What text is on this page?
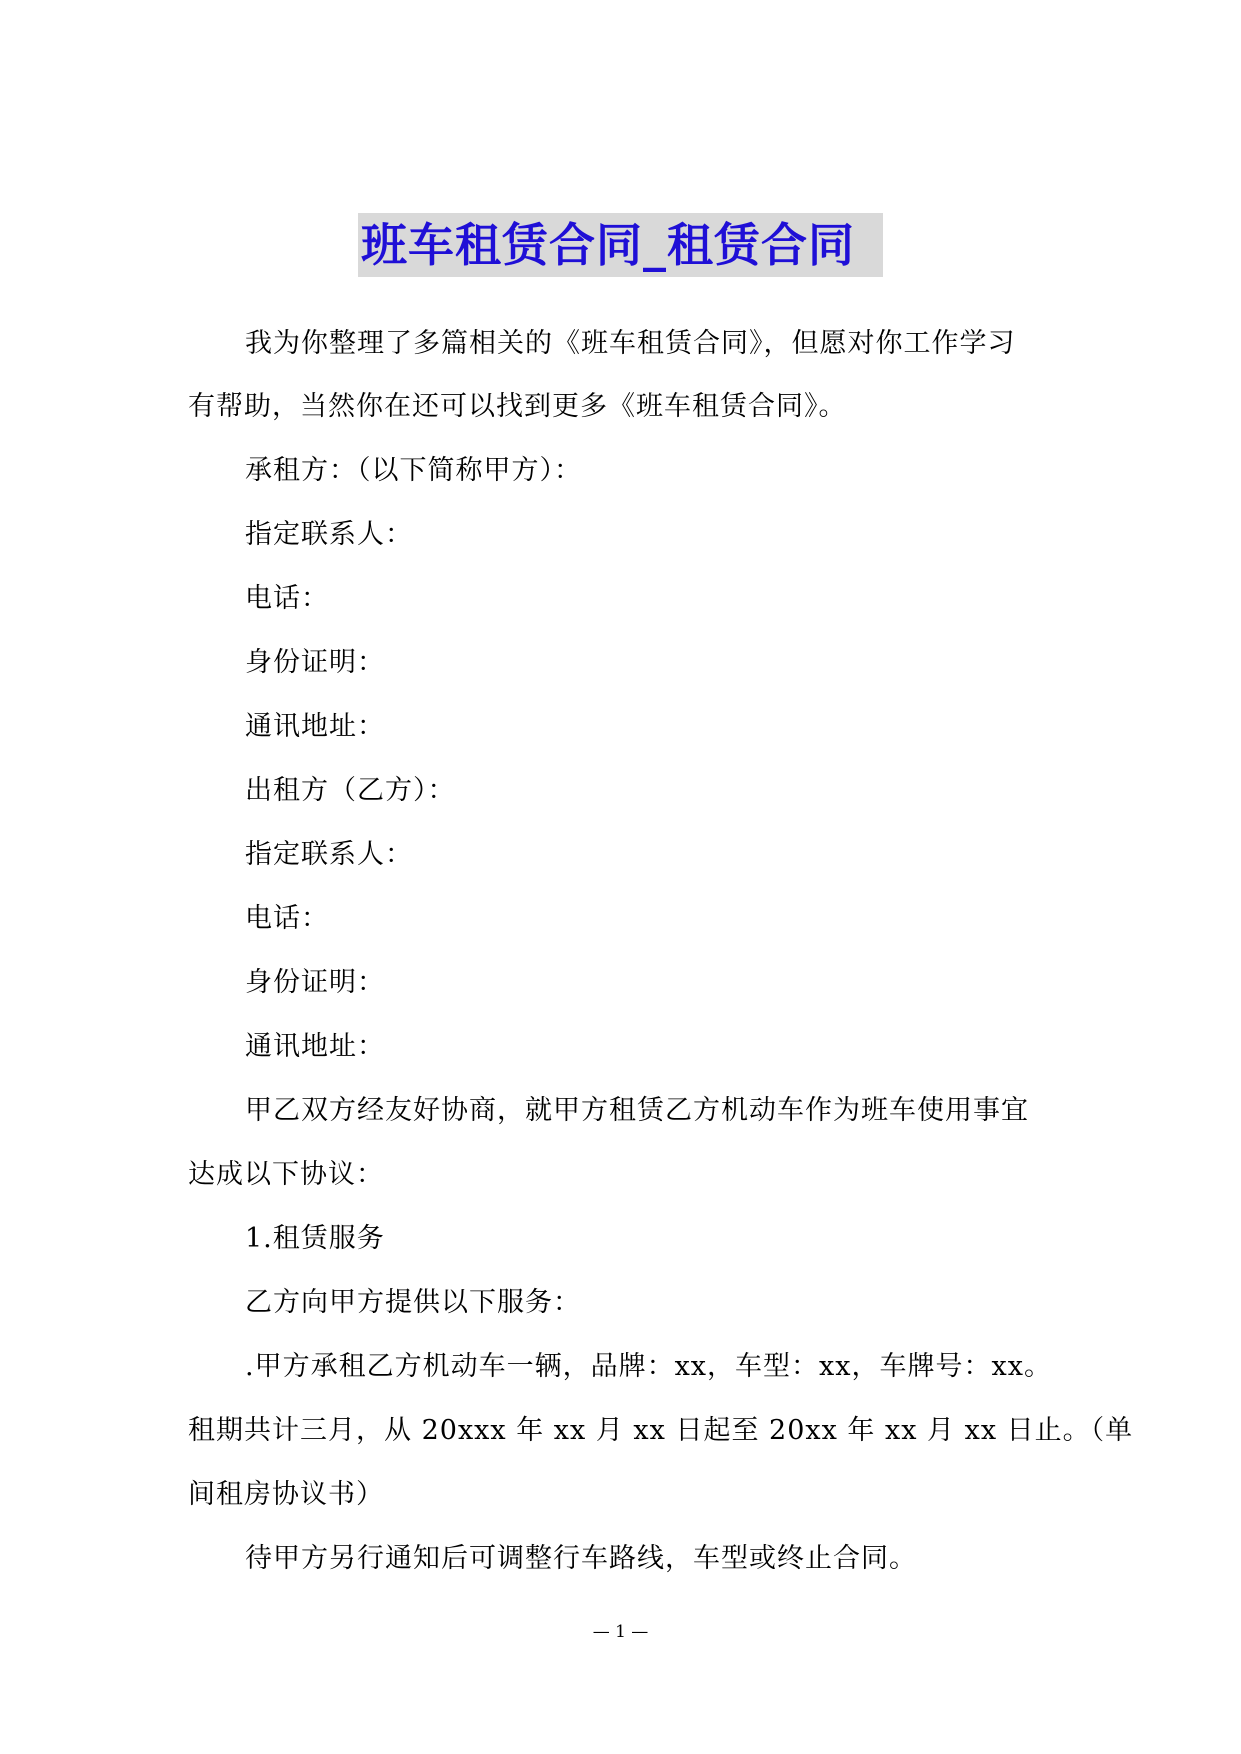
班车租赁合同_租赁合同
我为你整理了多篇相关的《班车租赁合同》，但愿对你工作学习
有帮助，当然你在还可以找到更多《班车租赁合同》。
承租方：（以下简称甲方）：
指定联系人：
电话：
身份证明：
通讯地址：
出租方（乙方）：
指定联系人：
电话：
身份证明：
通讯地址：
甲乙双方经友好协商，就甲方租赁乙方机动车作为班车使用事宜
达成以下协议：
1.租赁服务
乙方向甲方提供以下服务：
.甲方承租乙方机动车一辆，品牌：xx，车型：xx，车牌号：xx。
租期共计三月，从 20xxx 年 xx 月 xx 日起至 20xx 年 xx 月 xx 日止。（单
间租房协议书）
待甲方另行通知后可调整行车路线，车型或终止合同。
— 1 —
